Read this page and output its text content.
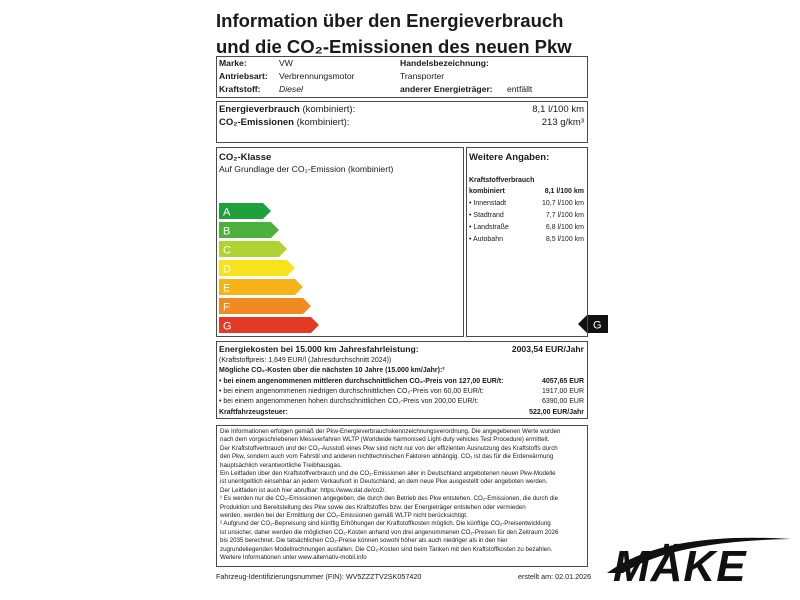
Information über den Energieverbrauch
und die CO₂-Emissionen des neuen Pkw
Marke:	VW
Antriebsart: Verbrennungsmotor
Kraftstoff: Diesel
Handelsbezeichnung:
Transporter
anderer Energieträger: entfällt
Energieverbrauch (kombiniert):	8,1 l/100 km
CO₂-Emissionen (kombiniert):	213 g/km³
CO₂-Klasse
Auf Grundlage der CO₂-Emission (kombiniert)
A
B
C
D
E
F
G	G
Weitere Angaben:
Kraftstoffverbrauch
kombiniert	8,1 l/100 km
• Innenstadt	10,7 l/100 km
• Stadtrand	7,7 l/100 km
• Landstraße	6,8 l/100 km
• Autobahn	8,5 l/100 km
Energiekosten bei 15.000 km Jahresfahrleistung:	2003,54 EUR/Jahr
(Kraftstoffpreis: 1,649 EUR/l (Jahresdurchschnitt 2024))
Mögliche CO₂-Kosten über die nächsten 10 Jahre (15.000 km/Jahr):²
• bei einem angenommenen mittleren durchschnittlichen CO₂-Preis von 127,00 EUR/t:	4057,65 EUR
• bei einem angenommenen niedrigen durchschnittlichen CO₂-Preis von 60,00 EUR/t:	1917,00 EUR
• bei einem angenommenen hohen durchschnittlichen CO₂-Preis von 200,00 EUR/t:	6390,00 EUR
Kraftfahrzeugsteuer:	522,00 EUR/Jahr
Die Informationen erfolgen gemäß der Pkw-Energieverbrauchskennzeichnungsverordnung. Die angegebenen Werte wurden
nach dem vorgeschriebenen Messverfahren WLTP (Worldwide harmonised Light-duty vehicles Test Procedure) ermittelt.
Der Kraftstoffverbrauch und der CO₂-Ausstoß eines Pkw sind nicht nur von der effizienten Ausnutzung des Kraftstoffs durch
den Pkw, sondern auch vom Fahrstil und anderen nichttechnischen Faktoren abhängig. CO₂ ist das für die Erderwärmung
hauptsächlich verantwortliche Treibhausgas.
Ein Leitfaden über den Kraftstoffverbrauch und die CO₂-Emissionen aller in Deutschland angebotenen neuen Pkw-Modelle
ist unentgeltlich einsehbar an jedem Verkaufsort in Deutschland, an dem neue Pkw ausgestellt oder angeboten werden.
Der Leitfaden ist auch hier abrufbar: https://www.dat.de/co2/.
¹ Es werden nur die CO₂-Emissionen angegeben, die durch den Betrieb des Pkw entstehen. CO₂-Emissionen, die durch die
Produktion und Bereitstellung des Pkw sowie des Kraftstoffes bzw. der Energieträger entstehen oder vermieden
werden, werden bei der Ermittlung der CO₂-Emissionen gemäß WLTP nicht berücksichtigt.
² Aufgrund der CO₂-Bepreisung sind künftig Erhöhungen der Kraftstoffkosten möglich. Die künftige CO₂-Preisentwicklung
ist unsicher, daher werden die möglichen CO₂-Kosten anhand von drei angenommenen CO₂-Preisen für den Zeitraum 2026
bis 2035 berechnet. Die tatsächlichen CO₂-Preise können sowohl höher als auch niedriger als in den hier
zugrundeliegenden Modellrechnungen ausfallen. Die CO₂-Kosten sind beim Tanken mit den Kraftstoffkosten zu bezahlen.
Weitere Informationen unter www.alternativ-mobil.info
Fahrzeug-Identifizierungsnummer (FIN): WV5ZZZTV2SK057420	erstellt am: 02.01.2026 MÄKE
